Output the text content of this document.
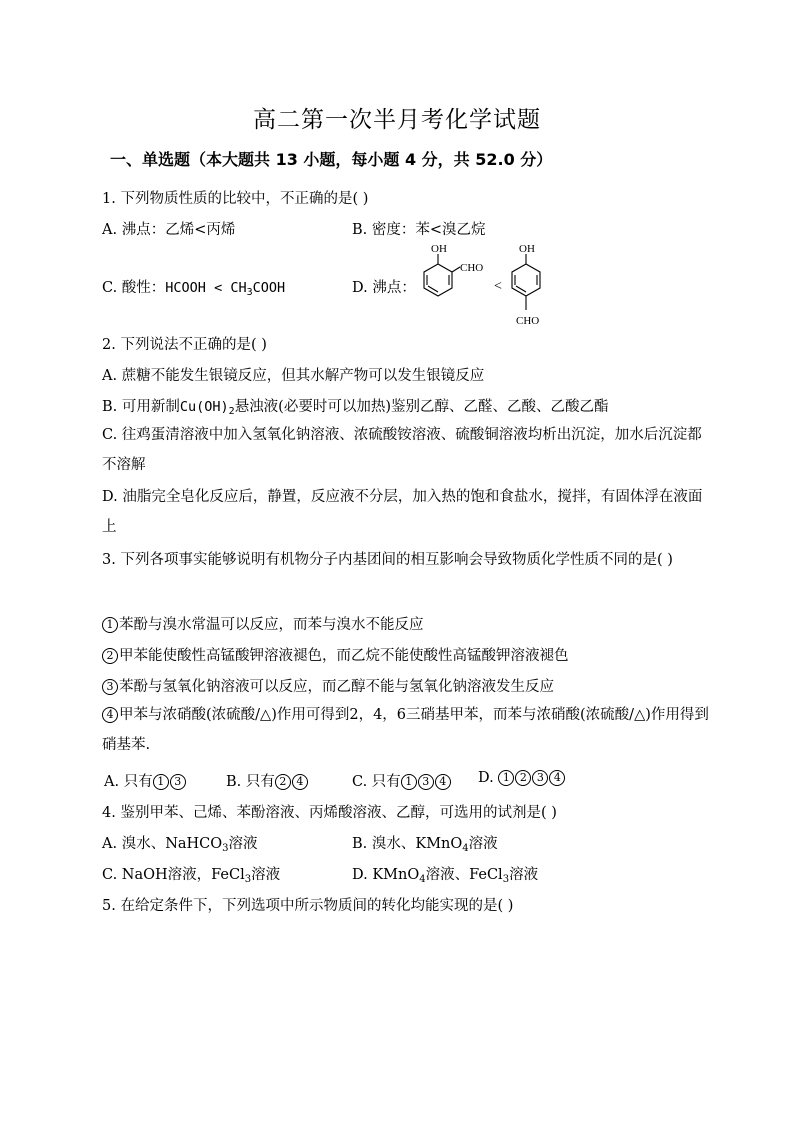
高二第一次半月考化学试题
一、单选题（本大题共 13 小题，每小题 4 分，共 52.0 分）
1. 下列物质性质的比较中，不正确的是( )
A. 沸点：乙烯<丙烯	B. 密度：苯<溴乙烷
C. 酸性：HCOOH < $CH_3COOH$	D. 沸点：
OH
CHO
<
OH
CHO
2. 下列说法不正确的是( )
A. 蔗糖不能发生银镜反应，但其水解产物可以发生银镜反应
B. 可用新制$Cu(OH)_2$悬浊液(必要时可以加热)鉴别乙醇、乙醛、乙酸、乙酸乙酯
C. 往鸡蛋清溶液中加入氢氧化钠溶液、浓硫酸铵溶液、硫酸铜溶液均析出沉淀，加水后沉淀都不溶解
D. 油脂完全皂化反应后，静置，反应液不分层，加入热的饱和食盐水，搅拌，有固体浮在液面上
3. 下列各项事实能够说明有机物分子内基团间的相互影响会导致物质化学性质不同的是( )
1 苯酚与溴水常温可以反应，而苯与溴水不能反应
2 甲苯能使酸性高锰酸钾溶液褪色，而乙烷不能使酸性高锰酸钾溶液褪色
3 苯酚与氢氧化钠溶液可以反应，而乙醇不能与氢氧化钠溶液发生反应
4 甲苯与浓硝酸(浓硫酸/△)作用可得到2，4，6三硝基甲苯，而苯与浓硝酸(浓硫酸/△)作用得到硝基苯.
A. 只有 1 3	B. 只有 2 4	C. 只有 1 3 4	D. 1 2 3 4
4. 鉴别甲苯、己烯、苯酚溶液、丙烯酸溶液、乙醇，可选用的试剂是( )
A. 溴水、NaHCO$_3$溶液	B. 溴水、KMnO$_4$溶液
C. NaOH溶液，FeCl$_3$溶液	D. KMnO$_4$溶液、FeCl$_3$溶液
5. 在给定条件下，下列选项中所示物质间的转化均能实现的是( )
